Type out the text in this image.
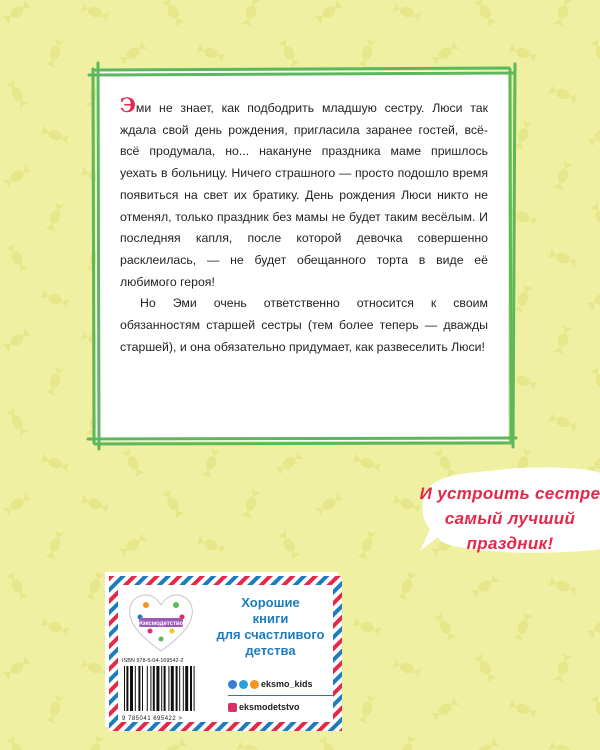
Эми не знает, как подбодрить младшую сестру. Люси так ждала свой день рождения, пригласила заранее гостей, всё-всё продумала, но... накануне праздника маме пришлось уехать в больницу. Ничего страшного — просто подошло время появиться на свет их братику. День рождения Люси никто не отменял, только праздник без мамы не будет таким весёлым. И последняя капля, после которой девочка совершенно расклеилась, — не будет обещанного торта в виде её любимого героя!

Но Эми очень ответственно относится к своим обязанностям старшей сестры (тем более теперь — дважды старшей), и она обязательно придумает, как развеселить Люси!

И устроить сестре
самый лучший
праздник!
#эксмодетство
Хорошие
книги
для счастливого
детства
ISBN 978-5-04-169542-2
9 785041 695422 >
eksmo_kids
eksmodetstvo
